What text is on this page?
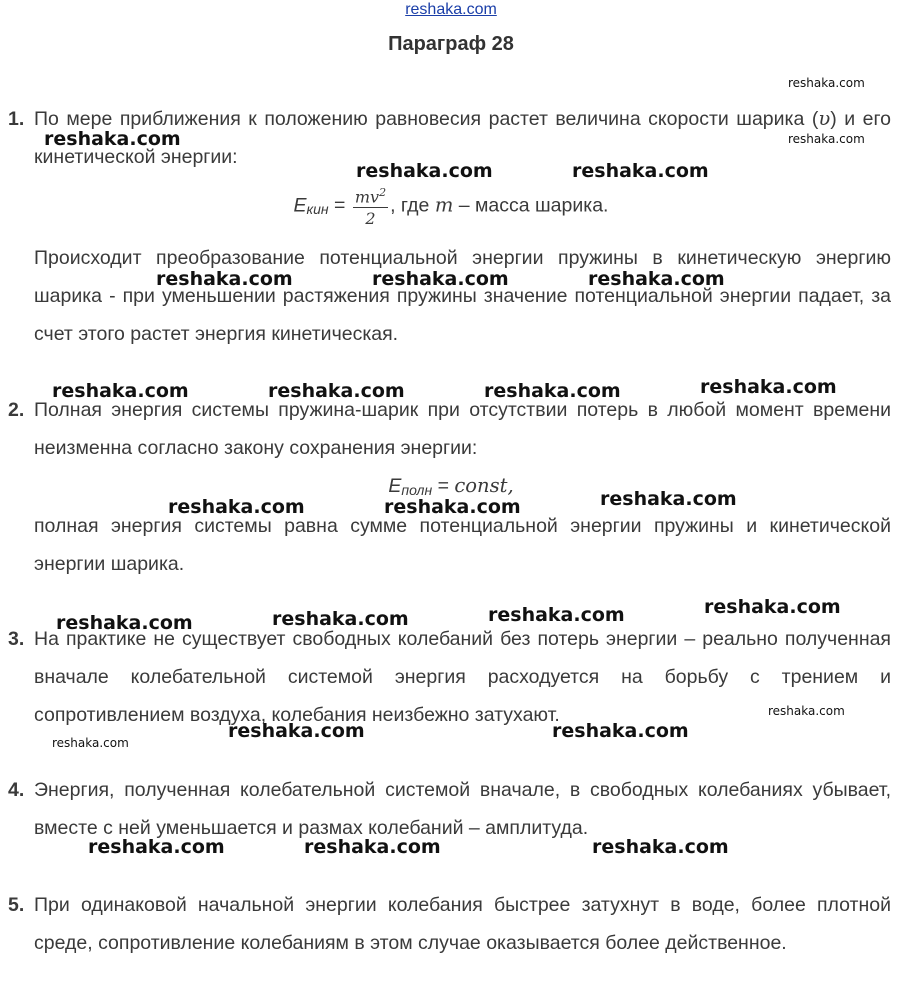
reshaka.com
Параграф 28
1. По мере приближения к положению равновесия растет величина скорости шарика (υ) и его кинетической энергии:
Eкин = $\frac{mv^2}{2}$ , где m – масса шарика.
Происходит преобразование потенциальной энергии пружины в кинетическую энергию шарика - при уменьшении растяжения пружины значение потенциальной энергии падает, за счет этого растет энергия кинетическая.
2. Полная энергия системы пружина-шарик при отсутствии потерь в любой момент времени неизменна согласно закону сохранения энергии:
Eполн = const,
полная энергия системы равна сумме потенциальной энергии пружины и кинетической энергии шарика.
3. На практике не существует свободных колебаний без потерь энергии – реально полученная вначале колебательной системой энергия расходуется на борьбу с трением и сопротивлением воздуха, колебания неизбежно затухают.
4. Энергия, полученная колебательной системой вначале, в свободных колебаниях убывает, вместе с ней уменьшается и размах колебаний – амплитуда.
5. При одинаковой начальной энергии колебания быстрее затухнут в воде, более плотной среде, сопротивление колебаниям в этом случае оказывается более действенное.
reshaka.com
reshaka.com	reshaka.com
reshaka.com	reshaka.com	reshaka.com
reshaka.com	reshaka.com	reshaka.com	reshaka.com
reshaka.com	reshaka.com	reshaka.com
reshaka.com	reshaka.com	reshaka.com	reshaka.com
reshaka.com	reshaka.com
reshaka.com	reshaka.com	reshaka.com
reshaka.com
reshaka.com
reshaka.com
reshaka.com
